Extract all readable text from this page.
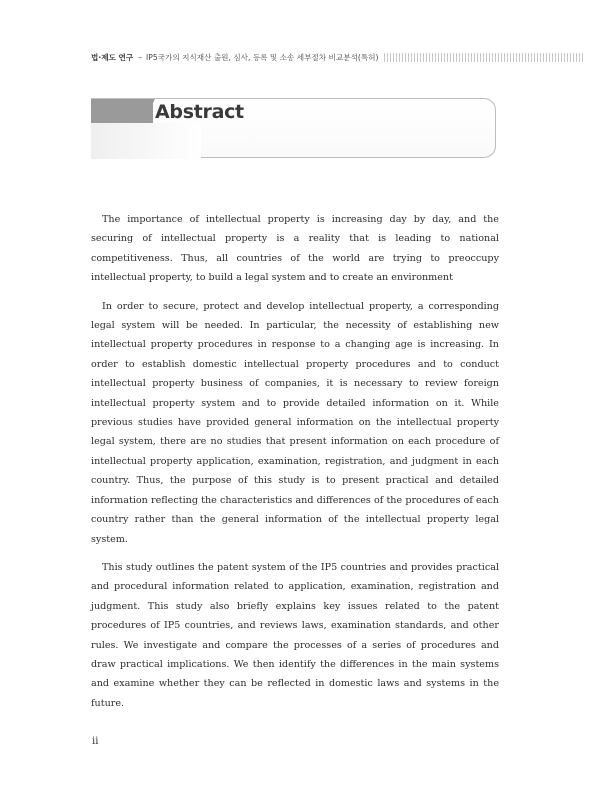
법·제도 연구 – IP5국가의 지식재산 출원, 심사, 등록 및 소송 세부절차 비교분석(특허)
Abstract

The importance of intellectual property is increasing day by day, and the securing of intellectual property is a reality that is leading to national competitiveness. Thus, all countries of the world are trying to preoccupy intellectual property, to build a legal system and to create an environment

In order to secure, protect and develop intellectual property, a corresponding legal system will be needed. In particular, the necessity of establishing new intellectual property procedures in response to a changing age is increasing. In order to establish domestic intellectual property procedures and to conduct intellectual property business of companies, it is necessary to review foreign intellectual property system and to provide detailed information on it. While previous studies have provided general information on the intellectual property legal system, there are no studies that present information on each procedure of intellectual property application, examination, registration, and judgment in each country. Thus, the purpose of this study is to present practical and detailed information reflecting the characteristics and differences of the procedures of each country rather than the general information of the intellectual property legal system.

This study outlines the patent system of the IP5 countries and provides practical and procedural information related to application, examination, registration and judgment. This study also briefly explains key issues related to the patent procedures of IP5 countries, and reviews laws, examination standards, and other rules. We investigate and compare the processes of a series of procedures and draw practical implications. We then identify the differences in the main systems and examine whether they can be reflected in domestic laws and systems in the future.

ii
